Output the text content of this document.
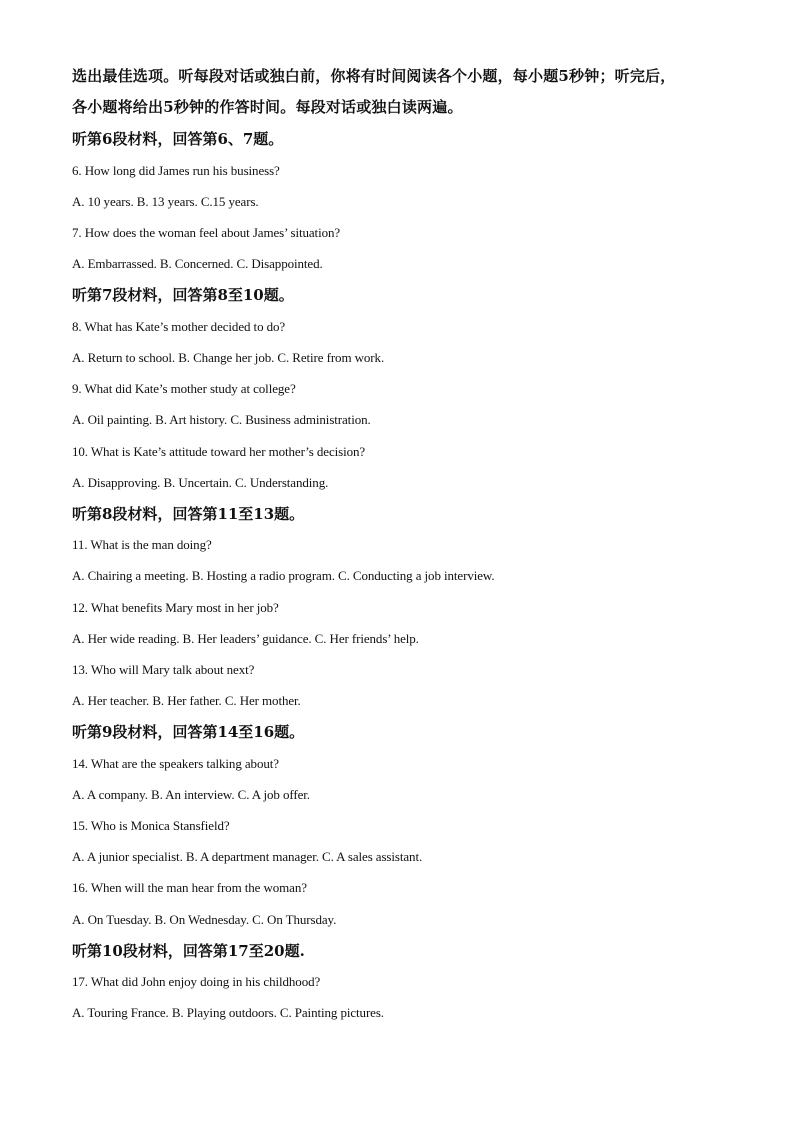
选出最佳选项。听每段对话或独白前，你将有时间阅读各个小题，每小题5秒钟；听完后，
各小题将给出5秒钟的作答时间。每段对话或独白读两遍。
听第6段材料，回答第6、7题。
6. How long did James run his business?
A. 10 years. B. 13 years. C.15 years.
7. How does the woman feel about James’ situation?
A. Embarrassed. B. Concerned. C. Disappointed.
听第7段材料，回答第8至10题。
8. What has Kate’s mother decided to do?
A. Return to school. B. Change her job. C. Retire from work.
9. What did Kate’s mother study at college?
A. Oil painting. B. Art history. C. Business administration.
10. What is Kate’s attitude toward her mother’s decision?
A. Disapproving. B. Uncertain. C. Understanding.
听第8段材料，回答第11至13题。
11. What is the man doing?
A. Chairing a meeting. B. Hosting a radio program. C. Conducting a job interview.
12. What benefits Mary most in her job?
A. Her wide reading. B. Her leaders’ guidance. C. Her friends’ help.
13. Who will Mary talk about next?
A. Her teacher. B. Her father. C. Her mother.
听第9段材料，回答第14至16题。
14. What are the speakers talking about?
A. A company. B. An interview. C. A job offer.
15. Who is Monica Stansfield?
A. A junior specialist. B. A department manager. C. A sales assistant.
16. When will the man hear from the woman?
A. On Tuesday. B. On Wednesday. C. On Thursday.
听第10段材料，回答第17至20题.
17. What did John enjoy doing in his childhood?
A. Touring France. B. Playing outdoors. C. Painting pictures.
